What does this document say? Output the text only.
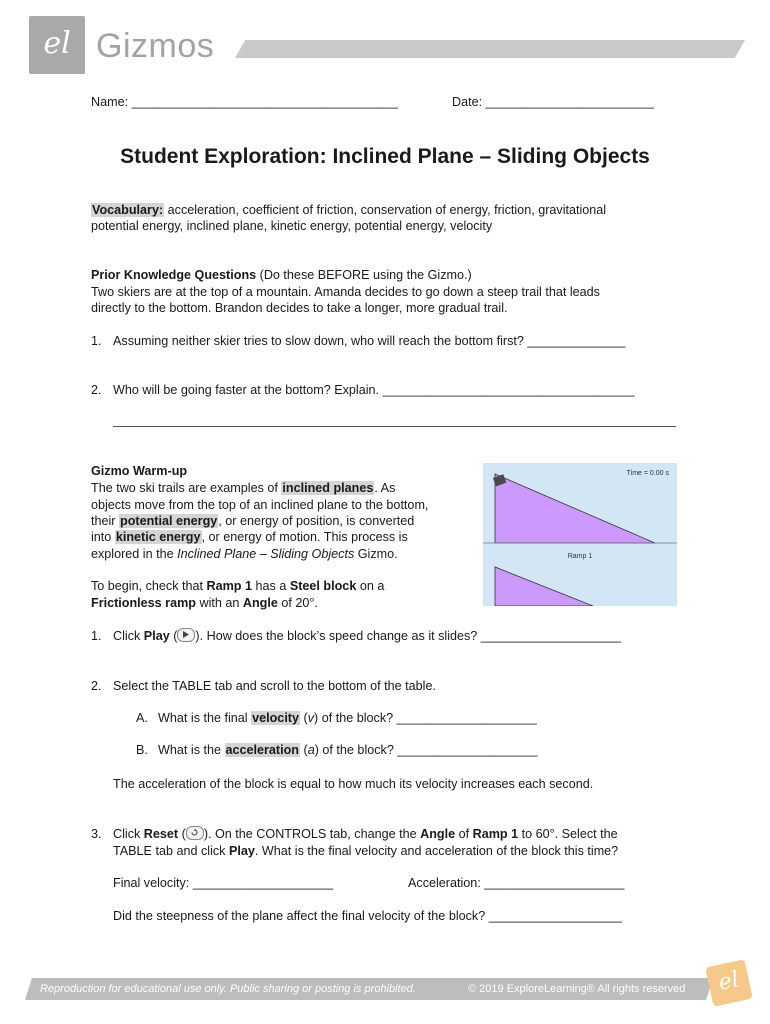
el Gizmos
Name: ______________________________________	Date: ________________________
Student Exploration: Inclined Plane – Sliding Objects
Vocabulary: acceleration, coefficient of friction, conservation of energy, friction, gravitational
potential energy, inclined plane, kinetic energy, potential energy, velocity
Prior Knowledge Questions (Do these BEFORE using the Gizmo.)
Two skiers are at the top of a mountain. Amanda decides to go down a steep trail that leads
directly to the bottom. Brandon decides to take a longer, more gradual trail.
1. Assuming neither skier tries to slow down, who will reach the bottom first? ______________
2. Who will be going faster at the bottom? Explain. ____________________________________
Gizmo Warm-up
The two ski trails are examples of inclined planes. As
objects move from the top of an inclined plane to the bottom,
their potential energy, or energy of position, is converted
into kinetic energy, or energy of motion. This process is
explored in the Inclined Plane – Sliding Objects Gizmo.
To begin, check that Ramp 1 has a Steel block on a
Frictionless ramp with an Angle of 20°.
Time = 0.00 s
Ramp 1
1. Click Play ( ). How does the block’s speed change as it slides? ____________________
2. Select the TABLE tab and scroll to the bottom of the table.
A. What is the final velocity (v) of the block? ____________________
B. What is the acceleration (a) of the block? ____________________
The acceleration of the block is equal to how much its velocity increases each second.
3. Click Reset ( ). On the CONTROLS tab, change the Angle of Ramp 1 to 60°. Select the
TABLE tab and click Play. What is the final velocity and acceleration of the block this time?
Final velocity: ____________________	Acceleration: ____________________
Did the steepness of the plane affect the final velocity of the block? ___________________
Reproduction for educational use only. Public sharing or posting is prohibited.	© 2019 ExploreLearning® All rights reserved	el
